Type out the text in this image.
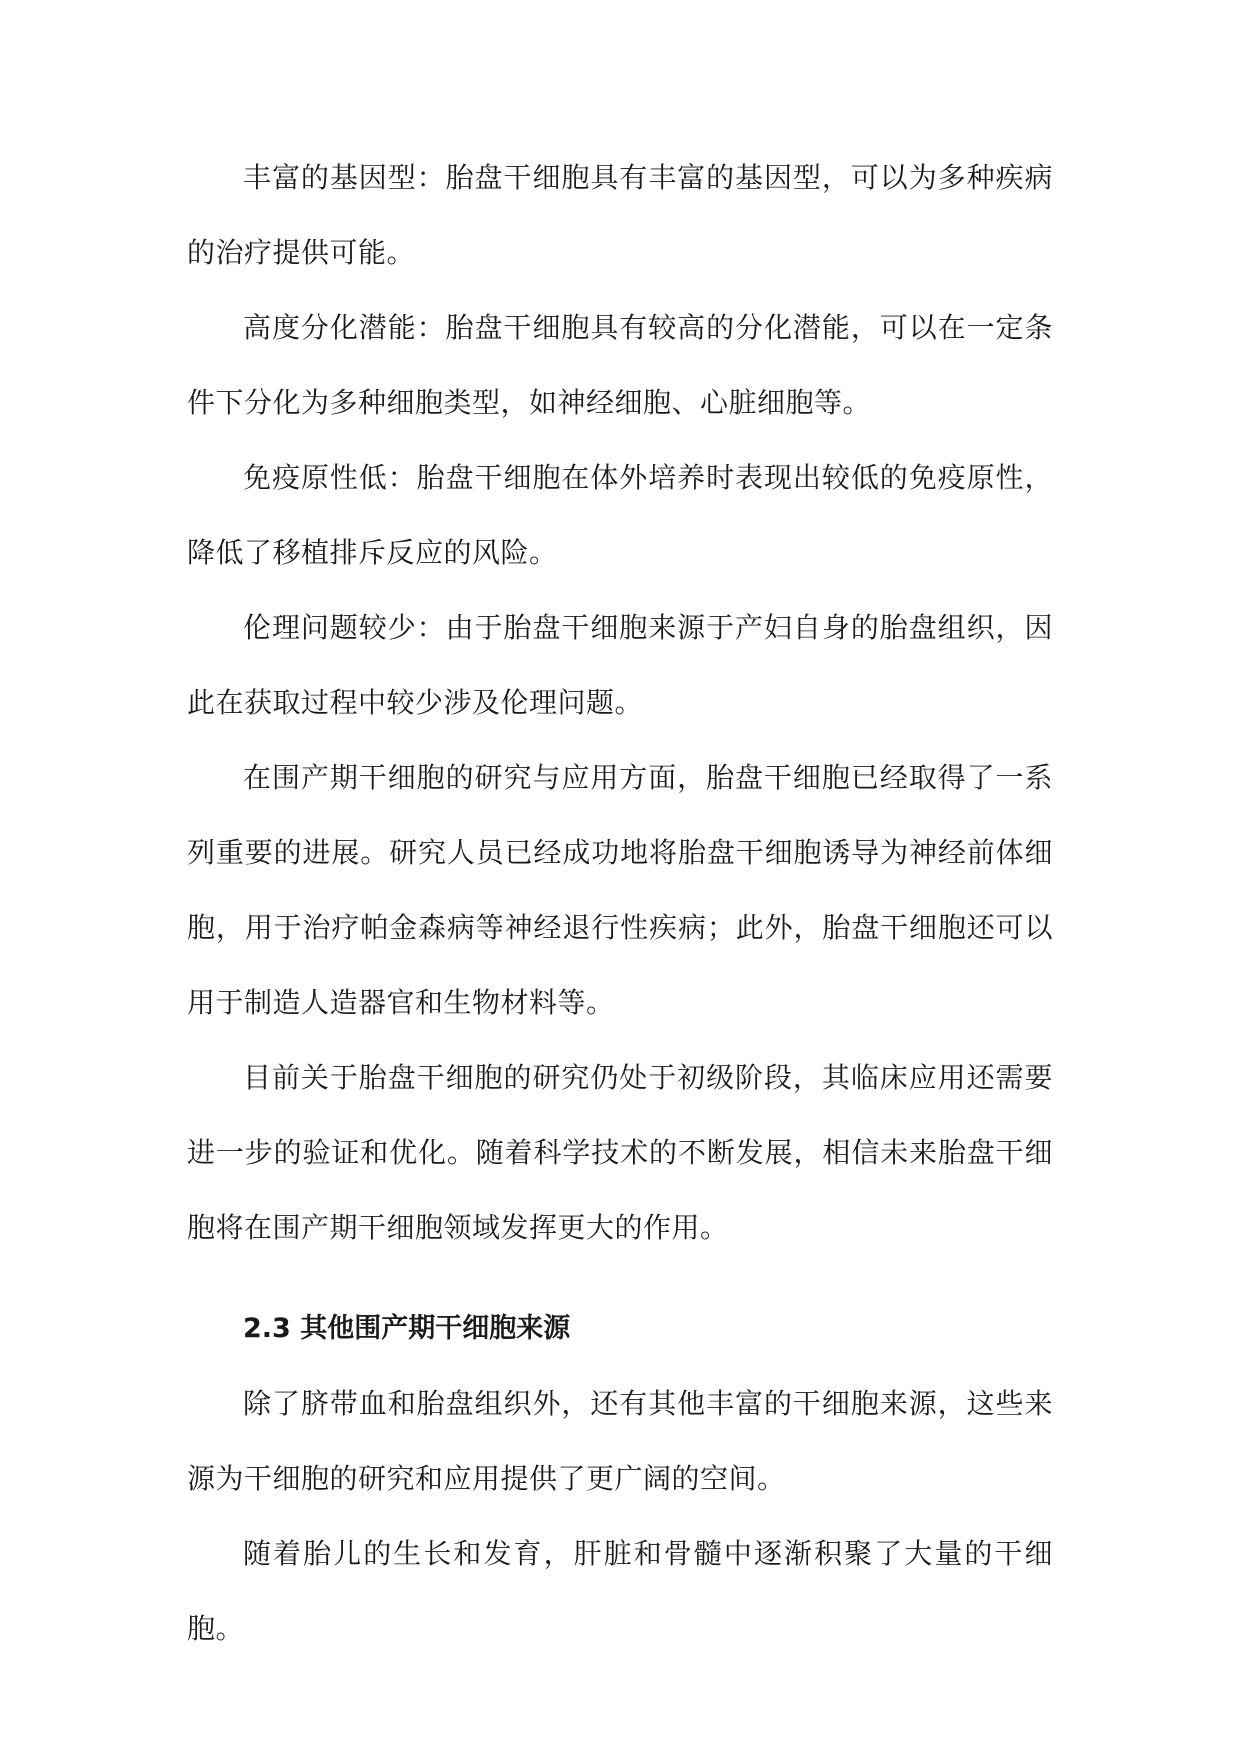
丰富的基因型：胎盘干细胞具有丰富的基因型，可以为多种疾病的治疗提供可能。

高度分化潜能：胎盘干细胞具有较高的分化潜能，可以在一定条件下分化为多种细胞类型，如神经细胞、心脏细胞等。

免疫原性低：胎盘干细胞在体外培养时表现出较低的免疫原性，降低了移植排斥反应的风险。

伦理问题较少：由于胎盘干细胞来源于产妇自身的胎盘组织，因此在获取过程中较少涉及伦理问题。

在围产期干细胞的研究与应用方面，胎盘干细胞已经取得了一系列重要的进展。研究人员已经成功地将胎盘干细胞诱导为神经前体细胞，用于治疗帕金森病等神经退行性疾病；此外，胎盘干细胞还可以用于制造人造器官和生物材料等。

目前关于胎盘干细胞的研究仍处于初级阶段，其临床应用还需要进一步的验证和优化。随着科学技术的不断发展，相信未来胎盘干细胞将在围产期干细胞领域发挥更大的作用。

2.3 其他围产期干细胞来源

除了脐带血和胎盘组织外，还有其他丰富的干细胞来源，这些来源为干细胞的研究和应用提供了更广阔的空间。

随着胎儿的生长和发育，肝脏和骨髓中逐渐积聚了大量的干细胞。
